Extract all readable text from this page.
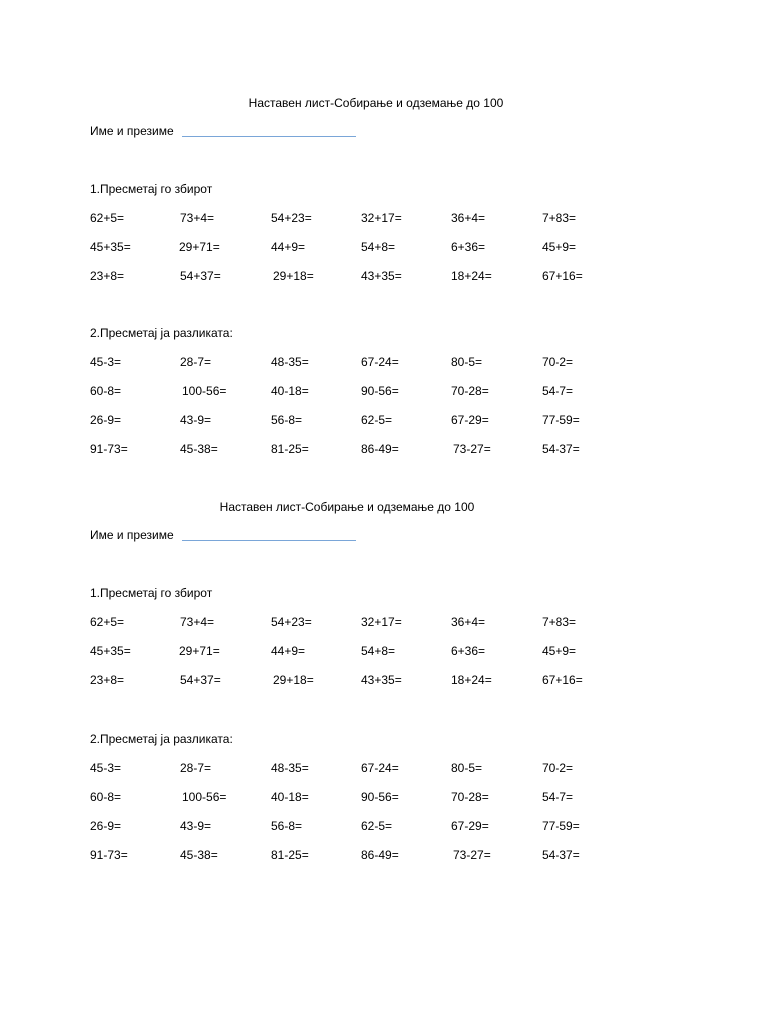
Наставен лист-Собирање и одземање до 100
Име и презиме
1.Пресметај го збирот
62+5=	73+4=	54+23=	32+17=	36+4=	7+83=
45+35=	29+71=	44+9=	54+8=	6+36=	45+9=
23+8=	54+37=	29+18=	43+35=	18+24=	67+16=
2.Пресметај ја разликата:
45-3=	28-7=	48-35=	67-24=	80-5=	70-2=
60-8=	100-56=	40-18=	90-56=	70-28=	54-7=
26-9=	43-9=	56-8=	62-5=	67-29=	77-59=
91-73=	45-38=	81-25=	86-49=	73-27=	54-37=
Наставен лист-Собирање и одземање до 100
Име и презиме
1.Пресметај го збирот
62+5=	73+4=	54+23=	32+17=	36+4=	7+83=
45+35=	29+71=	44+9=	54+8=	6+36=	45+9=
23+8=	54+37=	29+18=	43+35=	18+24=	67+16=
2.Пресметај ја разликата:
45-3=	28-7=	48-35=	67-24=	80-5=	70-2=
60-8=	100-56=	40-18=	90-56=	70-28=	54-7=
26-9=	43-9=	56-8=	62-5=	67-29=	77-59=
91-73=	45-38=	81-25=	86-49=	73-27=	54-37=
